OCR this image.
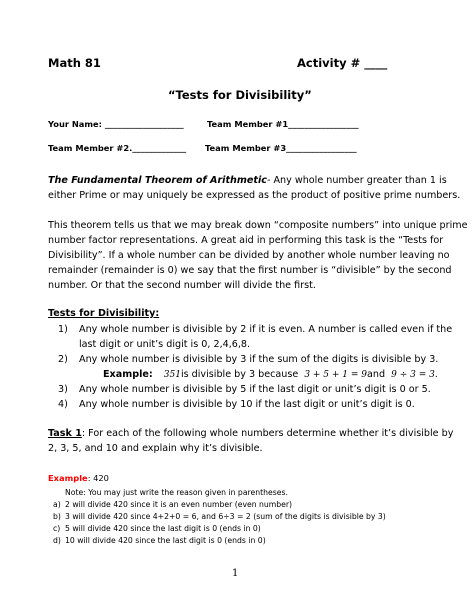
Math 81	Activity # ____
“Tests for Divisibility”
Your Name: ___________________	Team Member #1_________________
Team Member #2._____________ Team Member #3_________________
The Fundamental Theorem of Arithmetic- Any whole number greater than 1 is
either Prime or may uniquely be expressed as the product of positive prime numbers.
This theorem tells us that we may break down “composite numbers” into unique prime
number factor representations. A great aid in performing this task is the “Tests for
Divisibility”. If a whole number can be divided by another whole number leaving no
remainder (remainder is 0) we say that the first number is “divisible” by the second
number. Or that the second number will divide the first.
Tests for Divisibility:
1) Any whole number is divisible by 2 if it is even. A number is called even if the
last digit or unit’s digit is 0, 2,4,6,8.
2) Any whole number is divisible by 3 if the sum of the digits is divisible by 3.
Example: 351is divisible by 3 because 3 + 5 + 1 = 9and 9 ÷ 3 = 3.
3) Any whole number is divisible by 5 if the last digit or unit’s digit is 0 or 5.
4) Any whole number is divisible by 10 if the last digit or unit’s digit is 0.
Task 1: For each of the following whole numbers determine whether it’s divisible by
2, 3, 5, and 10 and explain why it’s divisible.
Example: 420
Note: You may just write the reason given in parentheses.
a) 2 will divide 420 since it is an even number (even number)
b) 3 will divide 420 since 4+2+0 = 6, and 6÷3 = 2 (sum of the digits is divisible by 3)
c) 5 will divide 420 since the last digit is 0 (ends in 0)
d) 10 will divide 420 since the last digit is 0 (ends in 0)
1
